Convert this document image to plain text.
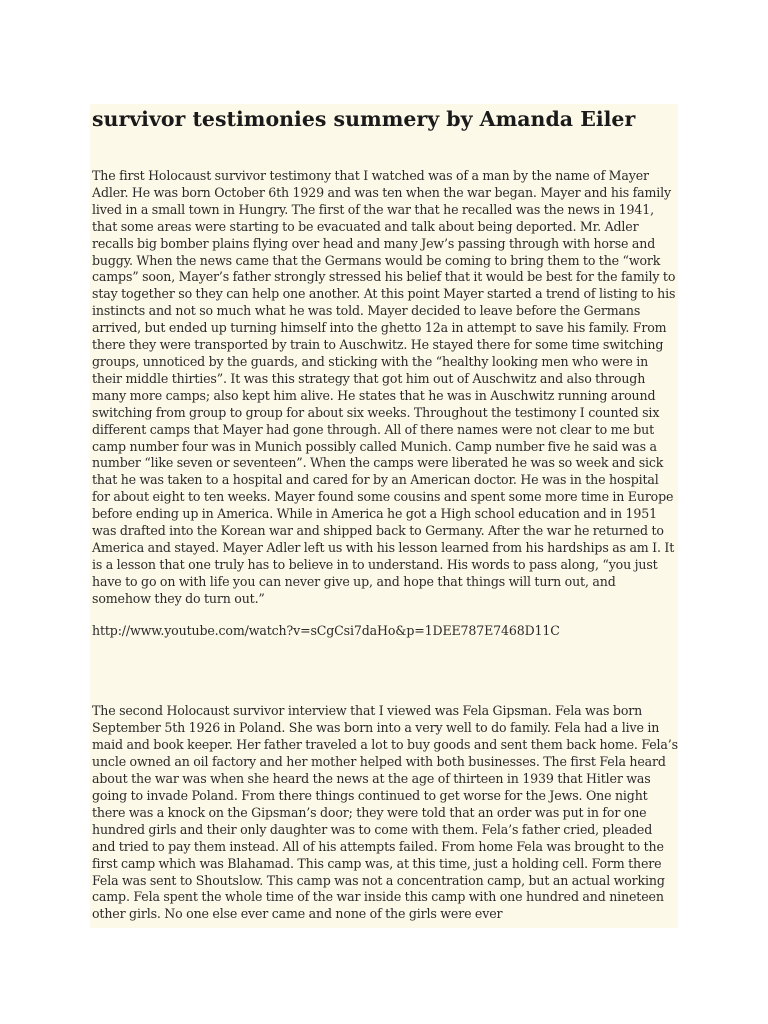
survivor testimonies summery by Amanda Eiler

The first Holocaust survivor testimony that I watched was of a man by the name of Mayer Adler. He was born October 6th 1929 and was ten when the war began. Mayer and his family lived in a small town in Hungry. The first of the war that he recalled was the news in 1941, that some areas were starting to be evacuated and talk about being deported. Mr. Adler recalls big bomber plains flying over head and many Jew’s passing through with horse and buggy. When the news came that the Germans would be coming to bring them to the “work camps” soon, Mayer’s father strongly stressed his belief that it would be best for the family to stay together so they can help one another. At this point Mayer started a trend of listing to his instincts and not so much what he was told. Mayer decided to leave before the Germans arrived, but ended up turning himself into the ghetto 12a in attempt to save his family. From there they were transported by train to Auschwitz. He stayed there for some time switching groups, unnoticed by the guards, and sticking with the “healthy looking men who were in their middle thirties”. It was this strategy that got him out of Auschwitz and also through many more camps; also kept him alive. He states that he was in Auschwitz running around switching from group to group for about six weeks. Throughout the testimony I counted six different camps that Mayer had gone through. All of there names were not clear to me but camp number four was in Munich possibly called Munich. Camp number five he said was a number “like seven or seventeen”. When the camps were liberated he was so week and sick that he was taken to a hospital and cared for by an American doctor. He was in the hospital for about eight to ten weeks. Mayer found some cousins and spent some more time in Europe before ending up in America. While in America he got a High school education and in 1951 was drafted into the Korean war and shipped back to Germany. After the war he returned to America and stayed. Mayer Adler left us with his lesson learned from his hardships as am I. It is a lesson that one truly has to believe in to understand. His words to pass along, “you just have to go on with life you can never give up, and hope that things will turn out, and somehow they do turn out.”

http://www.youtube.com/watch?v=sCgCsi7daHo&p=1DEE787E7468D11C

The second Holocaust survivor interview that I viewed was Fela Gipsman. Fela was born September 5th 1926 in Poland. She was born into a very well to do family. Fela had a live in maid and book keeper. Her father traveled a lot to buy goods and sent them back home. Fela’s uncle owned an oil factory and her mother helped with both businesses. The first Fela heard about the war was when she heard the news at the age of thirteen in 1939 that Hitler was going to invade Poland. From there things continued to get worse for the Jews. One night there was a knock on the Gipsman’s door; they were told that an order was put in for one hundred girls and their only daughter was to come with them. Fela’s father cried, pleaded and tried to pay them instead. All of his attempts failed. From home Fela was brought to the first camp which was Blahamad. This camp was, at this time, just a holding cell. Form there Fela was sent to Shoutslow. This camp was not a concentration camp, but an actual working camp. Fela spent the whole time of the war inside this camp with one hundred and nineteen other girls. No one else ever came and none of the girls were ever
